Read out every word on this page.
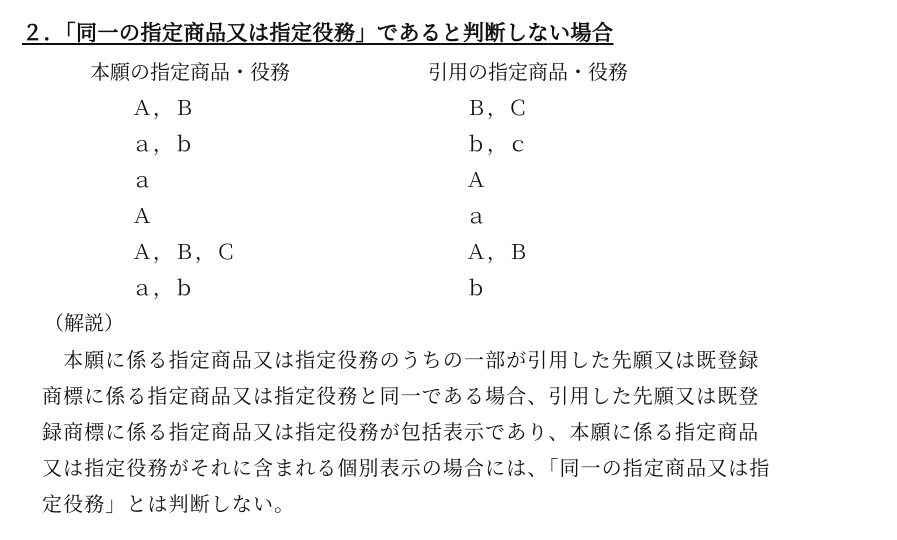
２．「同一の指定商品又は指定役務」であると判断しない場合
本願の指定商品・役務	引用の指定商品・役務
Ａ，Ｂ	Ｂ，Ｃ
ａ，ｂ	ｂ，ｃ
ａ	Ａ
Ａ	ａ
Ａ，Ｂ，Ｃ	Ａ，Ｂ
ａ，ｂ	ｂ
（解説）
　本願に係る指定商品又は指定役務のうちの一部が引用した先願又は既登録
商標に係る指定商品又は指定役務と同一である場合、引用した先願又は既登
録商標に係る指定商品又は指定役務が包括表示であり、本願に係る指定商品
又は指定役務がそれに含まれる個別表示の場合には、「同一の指定商品又は指
定役務」とは判断しない。
